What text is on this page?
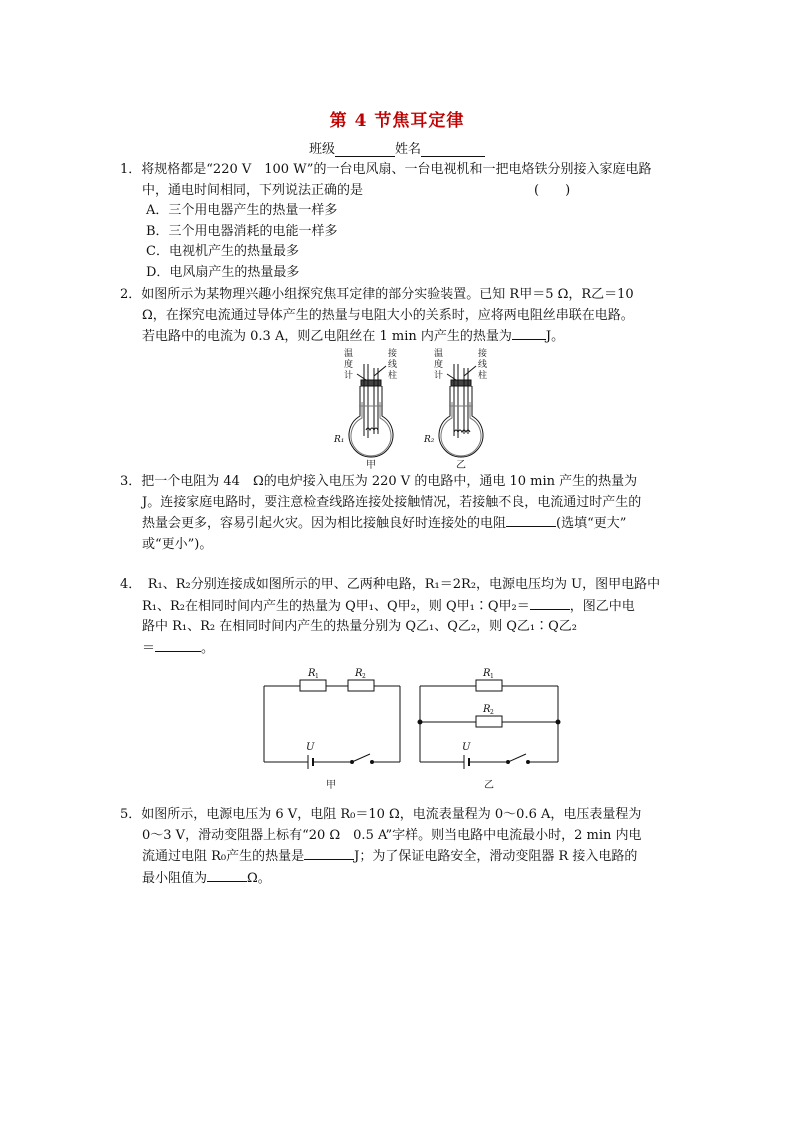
第 4 节焦耳定律
班级	姓名

1．将规格都是“220 V　100 W”的一台电风扇、一台电视机和一把电烙铁分别接入家庭电路

中，通电时间相同，下列说法正确的是	(　　)

A．三个用电器产生的热量一样多

B．三个用电器消耗的电能一样多

C．电视机产生的热量最多

D．电风扇产生的热量最多

2．如图所示为某物理兴趣小组探究焦耳定律的部分实验装置。已知 R甲＝5 Ω，R乙＝10

Ω，在探究电流通过导体产生的热量与电阻大小的关系时，应将两电阻丝串联在电路。

若电路中的电流为 0.3 A，则乙电阻丝在 1 min 内产生的热量为	J。

温
度
计
接
线
柱
温
度
计
接
线
柱
R₁
甲
R₂
乙

3．把一个电阻为 44　Ω的电炉接入电压为 220 V 的电路中，通电 10 min 产生的热量为

J。连接家庭电路时，要注意检查线路连接处接触情况，若接触不良，电流通过时产生的

热量会更多，容易引起火灾。因为相比接触良好时连接处的电阻	(选填“更大”

或“更小”)。

4．　R₁、R₂分别连接成如图所示的甲、乙两种电路，R₁＝2R₂，电源电压均为 U，图甲电路中

R₁、R₂在相同时间内产生的热量为 Q甲₁、Q甲₂，则 Q甲₁∶Q甲₂＝	，图乙中电

路中 R₁、R₂ 在相同时间内产生的热量分别为 Q乙₁、Q乙₂，则 Q乙₁∶Q乙₂

＝	。

R 1	R 2
U
甲
R 1
R 2
U
乙

5．如图所示，电源电压为 6 V，电阻 R₀＝10 Ω，电流表量程为 0～0.6 A，电压表量程为

0～3 V，滑动变阻器上标有“20 Ω　0.5 A”字样。则当电路中电流最小时，2 min 内电

流通过电阻 R₀产生的热量是	J；为了保证电路安全，滑动变阻器 R 接入电路的

最小阻值为	Ω。
